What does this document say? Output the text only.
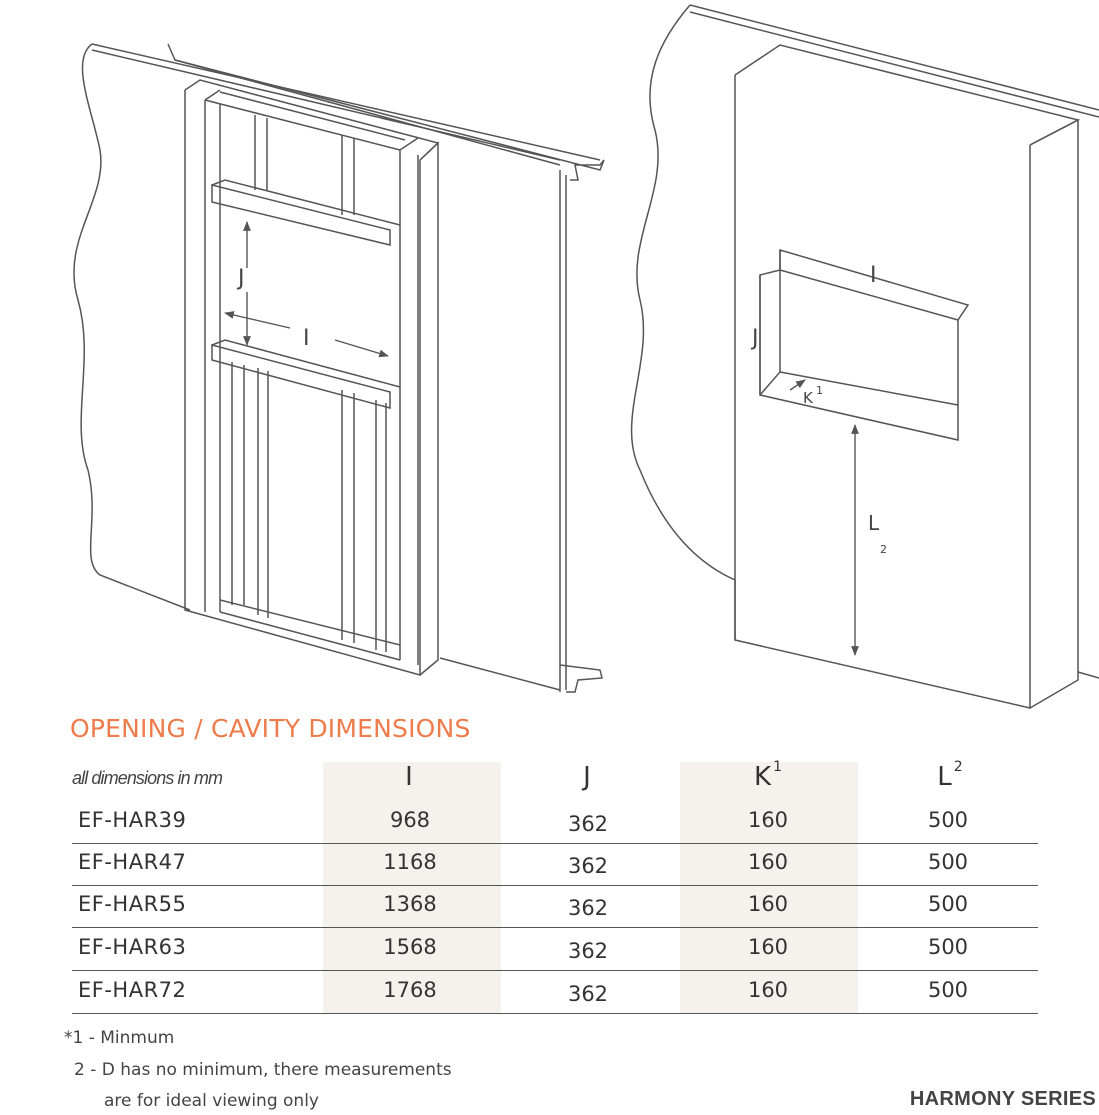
J
I
I
J
K 1
L
2
OPENING / CAVITY DIMENSIONS
all dimensions in mm	I	J	K $^1$	L $^2$
EF-HAR39	968	362	160	500
EF-HAR47	1168	362	160	500
EF-HAR55	1368	362	160	500
EF-HAR63	1568	362	160	500
EF-HAR72	1768	362	160	500
*1 - Minmum
2 - D has no minimum, there measurements
are for ideal viewing only	HARMONY SERIES
